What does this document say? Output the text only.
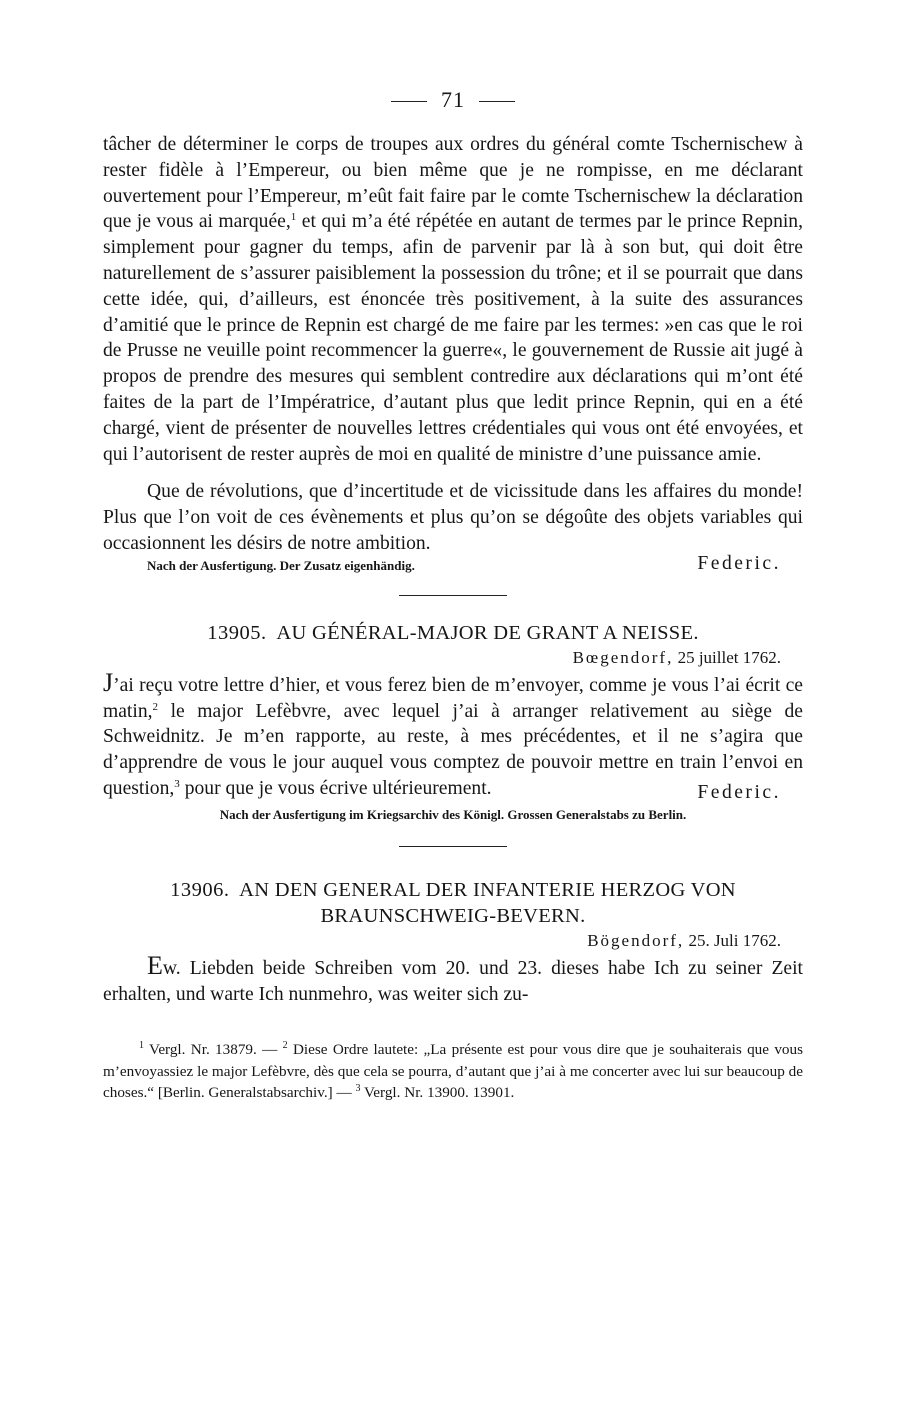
71

tâcher de déterminer le corps de troupes aux ordres du général comte Tschernischew à rester fidèle à l’Empereur, ou bien même que je ne rompisse, en me déclarant ouvertement pour l’Empereur, m’eût fait faire par le comte Tschernischew la déclaration que je vous ai marquée,$^1$ et qui m’a été répétée en autant de termes par le prince Repnin, simplement pour gagner du temps, afin de parvenir par là à son but, qui doit être naturellement de s’assurer paisiblement la possession du trône; et il se pourrait que dans cette idée, qui, d’ailleurs, est énoncée très positivement, à la suite des assurances d’amitié que le prince de Repnin est chargé de me faire par les termes: »en cas que le roi de Prusse ne veuille point recommencer la guerre«, le gouvernement de Russie ait jugé à propos de prendre des mesures qui semblent contredire aux déclarations qui m’ont été faites de la part de l’Impératrice, d’autant plus que ledit prince Repnin, qui en a été chargé, vient de présenter de nouvelles lettres crédentiales qui vous ont été envoyées, et qui l’autorisent de rester auprès de moi en qualité de ministre d’une puissance amie.

Que de révolutions, que d’incertitude et de vicissitude dans les affaires du monde! Plus que l’on voit de ces évènements et plus qu’on se dégoûte des objets variables qui occasionnent les désirs de notre ambition.

Nach der Ausfertigung. Der Zusatz eigenhändig.	Federic.
13905. AU GÉNÉRAL-MAJOR DE GRANT A NEISSE.
Bœgendorf, 25 juillet 1762.

J’ai reçu votre lettre d’hier, et vous ferez bien de m’envoyer, comme je vous l’ai écrit ce matin,$^2$ le major Lefèbvre, avec lequel j’ai à arranger relativement au siège de Schweidnitz. Je m’en rapporte, au reste, à mes précédentes, et il ne s’agira que d’apprendre de vous le jour auquel vous comptez de pouvoir mettre en train l’envoi en question,$^3$ pour que je vous écrive ultérieurement.	Federic.

Nach der Ausfertigung im Kriegsarchiv des Königl. Grossen Generalstabs zu Berlin.
13906. AN DEN GENERAL DER INFANTERIE HERZOG VON
BRAUNSCHWEIG-BEVERN.
Bögendorf, 25. Juli 1762.

Ew. Liebden beide Schreiben vom 20. und 23. dieses habe Ich zu seiner Zeit erhalten, und warte Ich nunmehro, was weiter sich zu-

$^1$ Vergl. Nr. 13879. — $^2$ Diese Ordre lautete: „La présente est pour vous dire que je souhaiterais que vous m’envoyassiez le major Lefèbvre, dès que cela se pourra, d’autant que j’ai à me concerter avec lui sur beaucoup de choses.“ [Berlin. Generalstabsarchiv.] — $^3$ Vergl. Nr. 13900. 13901.
